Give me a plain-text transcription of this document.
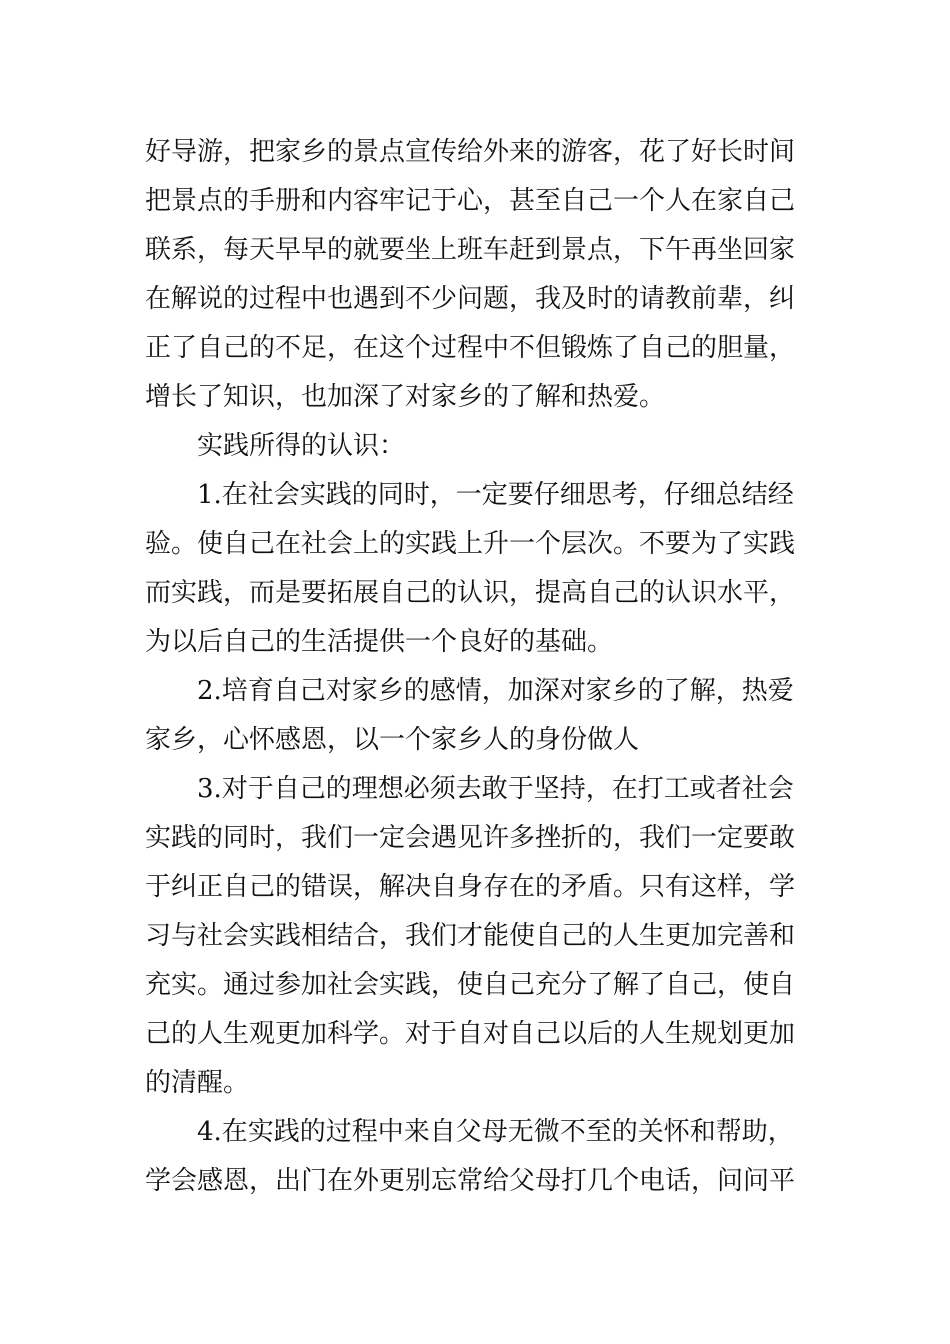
好导游，把家乡的景点宣传给外来的游客，花了好长时间
把景点的手册和内容牢记于心，甚至自己一个人在家自己
联系，每天早早的就要坐上班车赶到景点，下午再坐回家
在解说的过程中也遇到不少问题，我及时的请教前辈，纠
正了自己的不足，在这个过程中不但锻炼了自己的胆量，
增长了知识，也加深了对家乡的了解和热爱。
实践所得的认识：
1.在社会实践的同时，一定要仔细思考，仔细总结经
验。使自己在社会上的实践上升一个层次。不要为了实践
而实践，而是要拓展自己的认识，提高自己的认识水平，
为以后自己的生活提供一个良好的基础。
2.培育自己对家乡的感情，加深对家乡的了解，热爱
家乡，心怀感恩，以一个家乡人的身份做人
3.对于自己的理想必须去敢于坚持，在打工或者社会
实践的同时，我们一定会遇见许多挫折的，我们一定要敢
于纠正自己的错误，解决自身存在的矛盾。只有这样，学
习与社会实践相结合，我们才能使自己的人生更加完善和
充实。通过参加社会实践，使自己充分了解了自己，使自
己的人生观更加科学。对于自对自己以后的人生规划更加
的清醒。
4.在实践的过程中来自父母无微不至的关怀和帮助，
学会感恩，出门在外更别忘常给父母打几个电话，问问平
